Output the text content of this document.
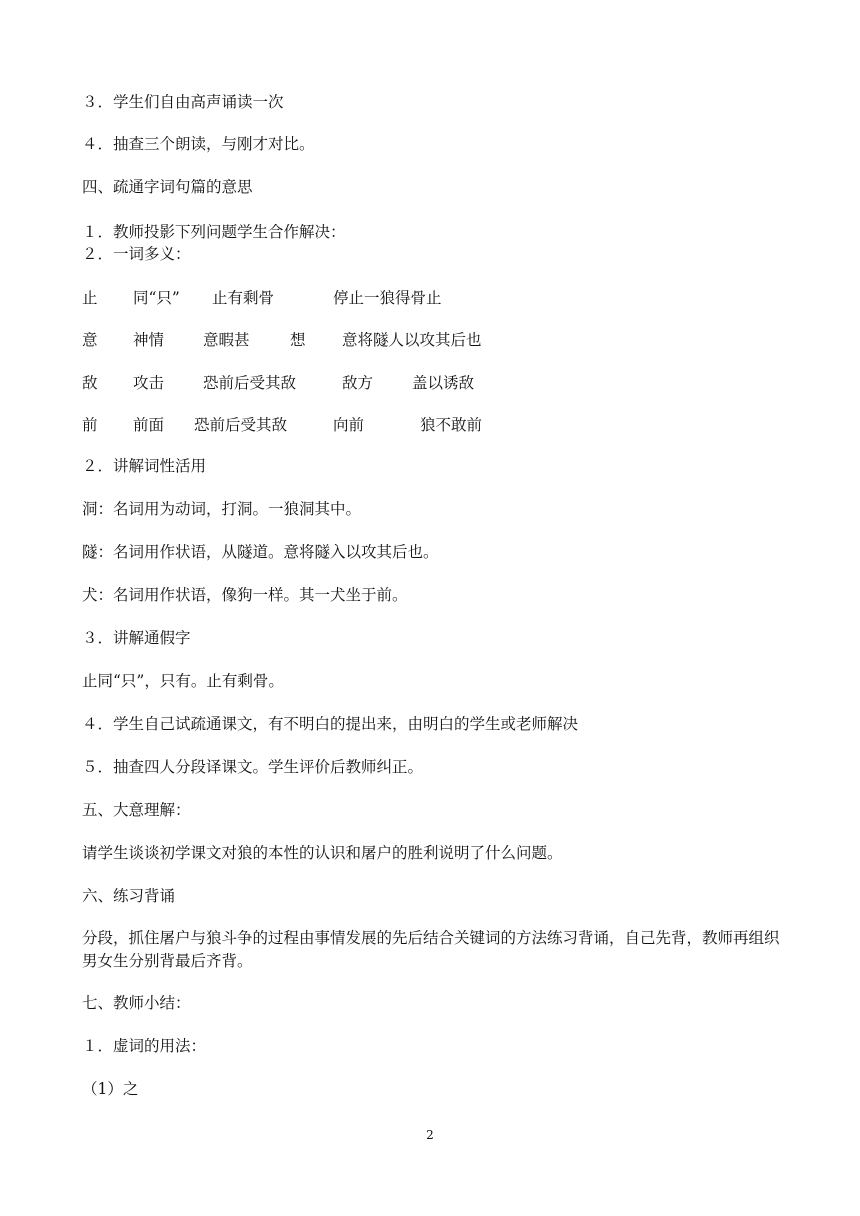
３．学生们自由高声诵读一次
４．抽查三个朗读，与刚才对比。
四、疏通字词句篇的意思
１．教师投影下列问题学生合作解决：
２．一词多义：
止 同“只” 止有剩骨	停止一狼得骨止
意 神情	意暇甚	想 意将隧人以攻其后也
敌 攻击	恐前后受其敌	敌方	盖以诱敌
前 前面 恐前后受其敌	向前	狼不敢前
２．讲解词性活用
洞：名词用为动词，打洞。一狼洞其中。
隧：名词用作状语，从隧道。意将隧入以攻其后也。
犬：名词用作状语，像狗一样。其一犬坐于前。
３．讲解通假字
止同“只”，只有。止有剩骨。
４．学生自己试疏通课文，有不明白的提出来，由明白的学生或老师解决
５．抽查四人分段译课文。学生评价后教师纠正。
五、大意理解：
请学生谈谈初学课文对狼的本性的认识和屠户的胜利说明了什么问题。
六、练习背诵
分段，抓住屠户与狼斗争的过程由事情发展的先后结合关键词的方法练习背诵，自己先背，教师再组织男女生分别背最后齐背。
七、教师小结：
１．虚词的用法：
（1）之
2
